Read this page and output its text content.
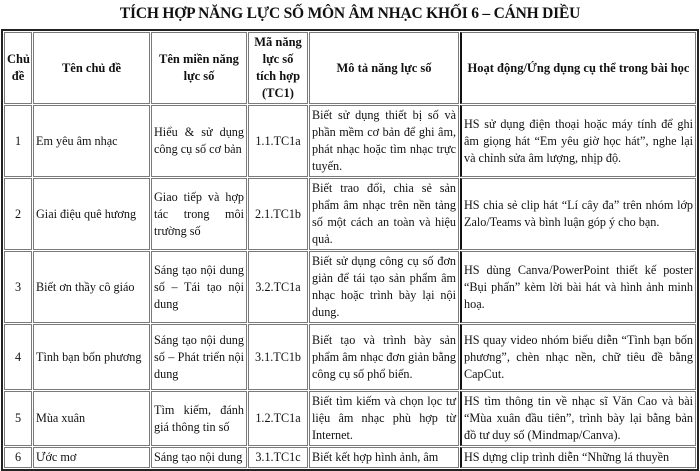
TÍCH HỢP NĂNG LỰC SỐ MÔN ÂM NHẠC KHỐI 6 – CÁNH DIỀU
Chủ đề	Tên chủ đề	Tên miền năng lực số	Mã năng lực số tích hợp (TC1)	Mô tả năng lực số	Hoạt động/Ứng dụng cụ thể trong bài học
1	Em yêu âm nhạc	Hiểu & sử dụng công cụ số cơ bản	1.1.TC1a	Biết sử dụng thiết bị số và phần mềm cơ bản để ghi âm, phát nhạc hoặc tìm nhạc trực tuyến.	HS sử dụng điện thoại hoặc máy tính để ghi âm giọng hát “Em yêu giờ học hát”, nghe lại và chỉnh sửa âm lượng, nhịp độ.
2	Giai điệu quê hương	Giao tiếp và hợp tác trong môi trường số	2.1.TC1b	Biết trao đổi, chia sẻ sản phẩm âm nhạc trên nền tảng số một cách an toàn và hiệu quả.	HS chia sẻ clip hát “Lí cây đa” trên nhóm lớp Zalo/Teams và bình luận góp ý cho bạn.
3	Biết ơn thầy cô giáo	Sáng tạo nội dung số – Tái tạo nội dung	3.2.TC1a	Biết sử dụng công cụ số đơn giản để tái tạo sản phẩm âm nhạc hoặc trình bày lại nội dung.	HS dùng Canva/PowerPoint thiết kế poster “Bụi phấn” kèm lời bài hát và hình ảnh minh hoạ.
4	Tình bạn bốn phương	Sáng tạo nội dung số – Phát triển nội dung	3.1.TC1b	Biết tạo và trình bày sản phẩm âm nhạc đơn giản bằng công cụ số phổ biến.	HS quay video nhóm biểu diễn “Tình bạn bốn phương”, chèn nhạc nền, chữ tiêu đề bằng CapCut.
5	Mùa xuân	Tìm kiếm, đánh giá thông tin số	1.2.TC1a	Biết tìm kiếm và chọn lọc tư liệu âm nhạc phù hợp từ Internet.	HS tìm thông tin về nhạc sĩ Văn Cao và bài “Mùa xuân đầu tiên”, trình bày lại bằng bản đồ tư duy số (Mindmap/Canva).
6	Ước mơ	Sáng tạo nội dung	3.1.TC1c	Biết kết hợp hình ảnh, âm	HS dựng clip trình diễn “Những lá thuyền
